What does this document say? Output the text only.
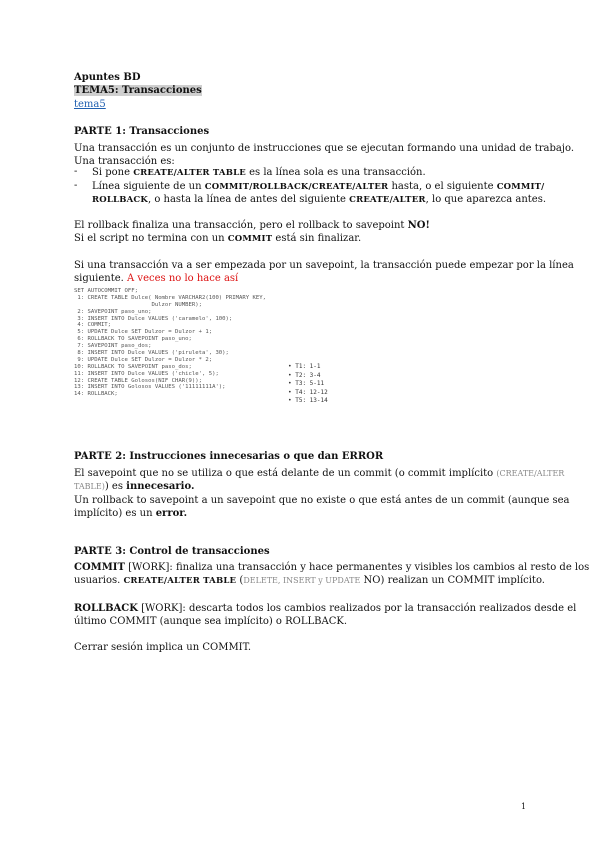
Apuntes BD
TEMA5: Transacciones
tema5
PARTE 1: Transacciones
Una transacción es un conjunto de instrucciones que se ejecutan formando una unidad de trabajo.
Una transacción es:
- Si pone CREATE/ALTER TABLE es la línea sola es una transacción.
- Línea siguiente de un COMMIT/ROLLBACK/CREATE/ALTER hasta, o el siguiente COMMIT/
ROLLBACK, o hasta la línea de antes del siguiente CREATE/ALTER, lo que aparezca antes.
El rollback finaliza una transacción, pero el rollback to savepoint NO!
Si el script no termina con un COMMIT está sin finalizar.
Si una transacción va a ser empezada por un savepoint, la transacción puede empezar por la línea
siguiente. A veces no lo hace así
SET AUTOCOMMIT OFF;
1: CREATE TABLE Dulce( Nombre VARCHAR2(100) PRIMARY KEY,
Dulzor NUMBER);
2: SAVEPOINT paso_uno;
3: INSERT INTO Dulce VALUES ('caramelo', 100);
4: COMMIT;
5: UPDATE Dulce SET Dulzor = Dulzor + 1;
6: ROLLBACK TO SAVEPOINT paso_uno;
7: SAVEPOINT paso_dos;
8: INSERT INTO Dulce VALUES ('piruleta', 30);
9: UPDATE Dulce SET Dulzor = Dulzor * 2;
10: ROLLBACK TO SAVEPOINT paso_dos;
11: INSERT INTO Dulce VALUES ('chicle', 5);
12: CREATE TABLE Golosos(NIF CHAR(9));
13: INSERT INTO Golosos VALUES ('11111111A');
14: ROLLBACK;
• T1: 1-1
• T2: 3-4
• T3: 5-11
• T4: 12-12
• T5: 13-14
PARTE 2: Instrucciones innecesarias o que dan ERROR
El savepoint que no se utiliza o que está delante de un commit (o commit implícito (CREATE/ALTER
TABLE)) es innecesario.
Un rollback to savepoint a un savepoint que no existe o que está antes de un commit (aunque sea
implícito) es un error.
PARTE 3: Control de transacciones
COMMIT [WORK]: finaliza una transacción y hace permanentes y visibles los cambios al resto de los
usuarios. CREATE/ALTER TABLE (DELETE, INSERT y UPDATE NO) realizan un COMMIT implícito.
ROLLBACK [WORK]: descarta todos los cambios realizados por la transacción realizados desde el
último COMMIT (aunque sea implícito) o ROLLBACK.
Cerrar sesión implica un COMMIT.
1
